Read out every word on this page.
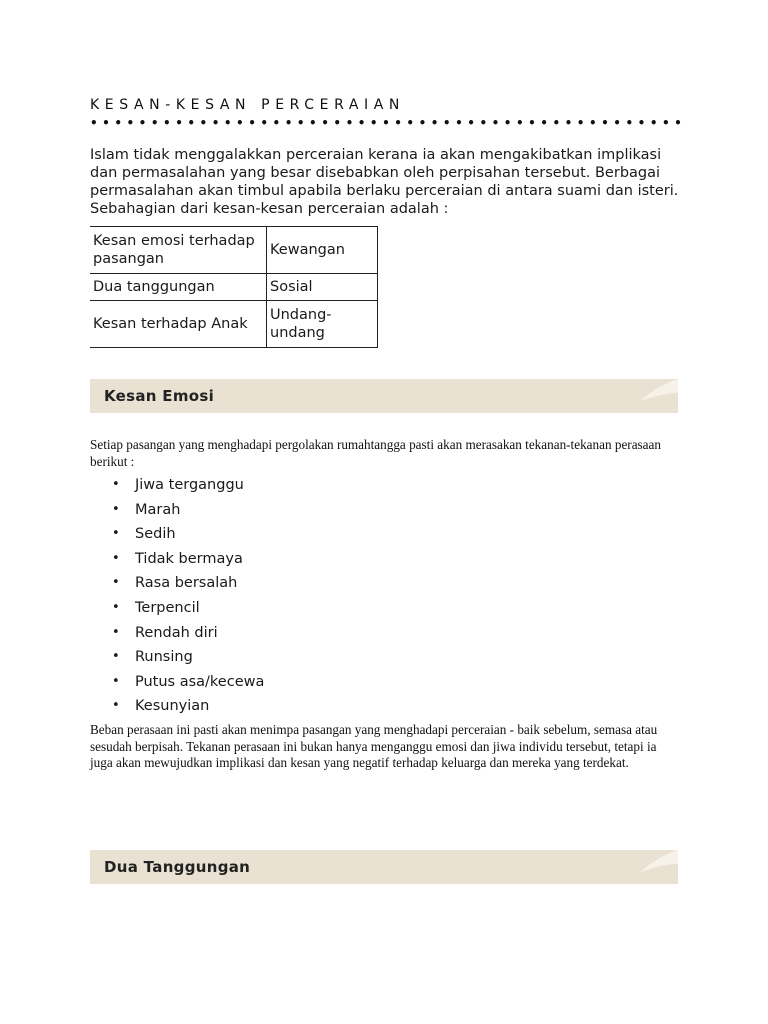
KESAN-KESAN PERCERAIAN
•••••••••••••••••••••••••••••••••••••••••••••••••
Islam tidak menggalakkan perceraian kerana ia akan mengakibatkan implikasi dan permasalahan yang besar disebabkan oleh perpisahan tersebut. Berbagai permasalahan akan timbul apabila berlaku perceraian di antara suami dan isteri. Sebahagian dari kesan-kesan perceraian adalah :
Kesan emosi terhadap pasangan	Kewangan
Dua tanggungan	Sosial
Kesan terhadap Anak	Undang-undang
Kesan Emosi
Setiap pasangan yang menghadapi pergolakan rumahtangga pasti akan merasakan tekanan-tekanan perasaan berikut :
• Jiwa terganggu
• Marah
• Sedih
• Tidak bermaya
• Rasa bersalah
• Terpencil
• Rendah diri
• Runsing
• Putus asa/kecewa
• Kesunyian
Beban perasaan ini pasti akan menimpa pasangan yang menghadapi perceraian - baik sebelum, semasa atau sesudah berpisah. Tekanan perasaan ini bukan hanya menganggu emosi dan jiwa individu tersebut, tetapi ia juga akan mewujudkan implikasi dan kesan yang negatif terhadap keluarga dan mereka yang terdekat.
Dua Tanggungan
